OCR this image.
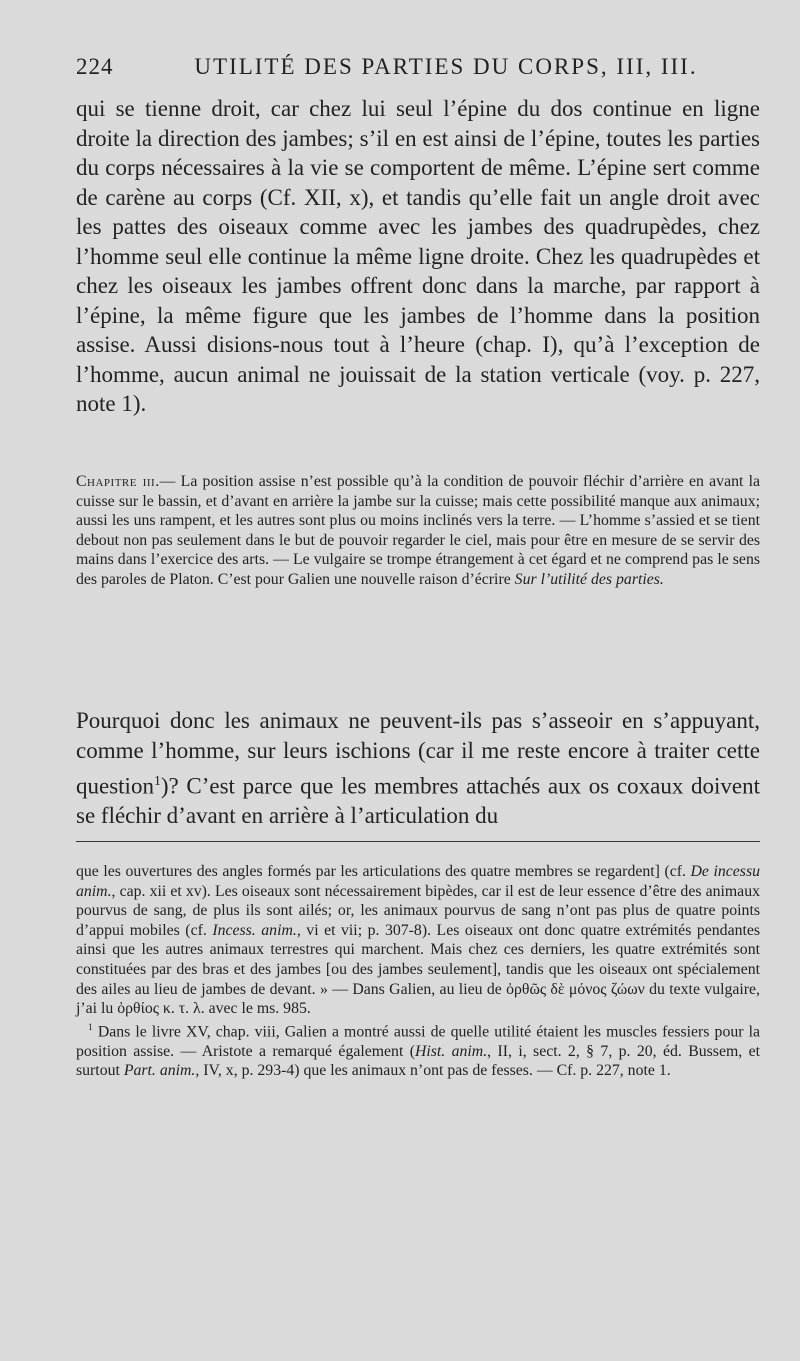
224	UTILITÉ DES PARTIES DU CORPS, III, III.

qui se tienne droit, car chez lui seul l’épine du dos continue en ligne droite la direction des jambes; s’il en est ainsi de l’épine, toutes les parties du corps nécessaires à la vie se comportent de même. L’épine sert comme de carène au corps (Cf. XII, x), et tandis qu’elle fait un angle droit avec les pattes des oiseaux comme avec les jambes des quadrupèdes, chez l’homme seul elle continue la même ligne droite. Chez les quadrupèdes et chez les oiseaux les jambes offrent donc dans la marche, par rapport à l’épine, la même figure que les jambes de l’homme dans la position assise. Aussi disions-nous tout à l’heure (chap. I), qu’à l’exception de l’homme, aucun animal ne jouissait de la station verticale (voy. p. 227, note 1).

Chapitre iii.— La position assise n’est possible qu’à la condition de pouvoir fléchir d’arrière en avant la cuisse sur le bassin, et d’avant en arrière la jambe sur la cuisse; mais cette possibilité manque aux animaux; aussi les uns rampent, et les autres sont plus ou moins inclinés vers la terre. — L’homme s’assied et se tient debout non pas seulement dans le but de pouvoir regarder le ciel, mais pour être en mesure de se servir des mains dans l’exercice des arts. — Le vulgaire se trompe étrangement à cet égard et ne comprend pas le sens des paroles de Platon. C’est pour Galien une nouvelle raison d’écrire Sur l’utilité des parties.

Pourquoi donc les animaux ne peuvent-ils pas s’asseoir en s’appuyant, comme l’homme, sur leurs ischions (car il me reste encore à traiter cette question$^1$)? C’est parce que les membres attachés aux os coxaux doivent se fléchir d’avant en arrière à l’articulation du

que les ouvertures des angles formés par les articulations des quatre membres se regardent] (cf. De incessu anim., cap. xii et xv). Les oiseaux sont nécessairement bipèdes, car il est de leur essence d’être des animaux pourvus de sang, de plus ils sont ailés; or, les animaux pourvus de sang n’ont pas plus de quatre points d’appui mobiles (cf. Incess. anim., vi et vii; p. 307-8). Les oiseaux ont donc quatre extrémités pendantes ainsi que les autres animaux terrestres qui marchent. Mais chez ces derniers, les quatre extrémités sont constituées par des bras et des jambes [ou des jambes seulement], tandis que les oiseaux ont spécialement des ailes au lieu de jambes de devant. » — Dans Galien, au lieu de ὀρθῶς δὲ μόνος ζώων du texte vulgaire, j’ai lu ὀρθίος κ. τ. λ. avec le ms. 985.

$^1$ Dans le livre XV, chap. viii, Galien a montré aussi de quelle utilité étaient les muscles fessiers pour la position assise. — Aristote a remarqué également (Hist. anim., II, i, sect. 2, § 7, p. 20, éd. Bussem, et surtout Part. anim., IV, x, p. 293-4) que les animaux n’ont pas de fesses. — Cf. p. 227, note 1.
